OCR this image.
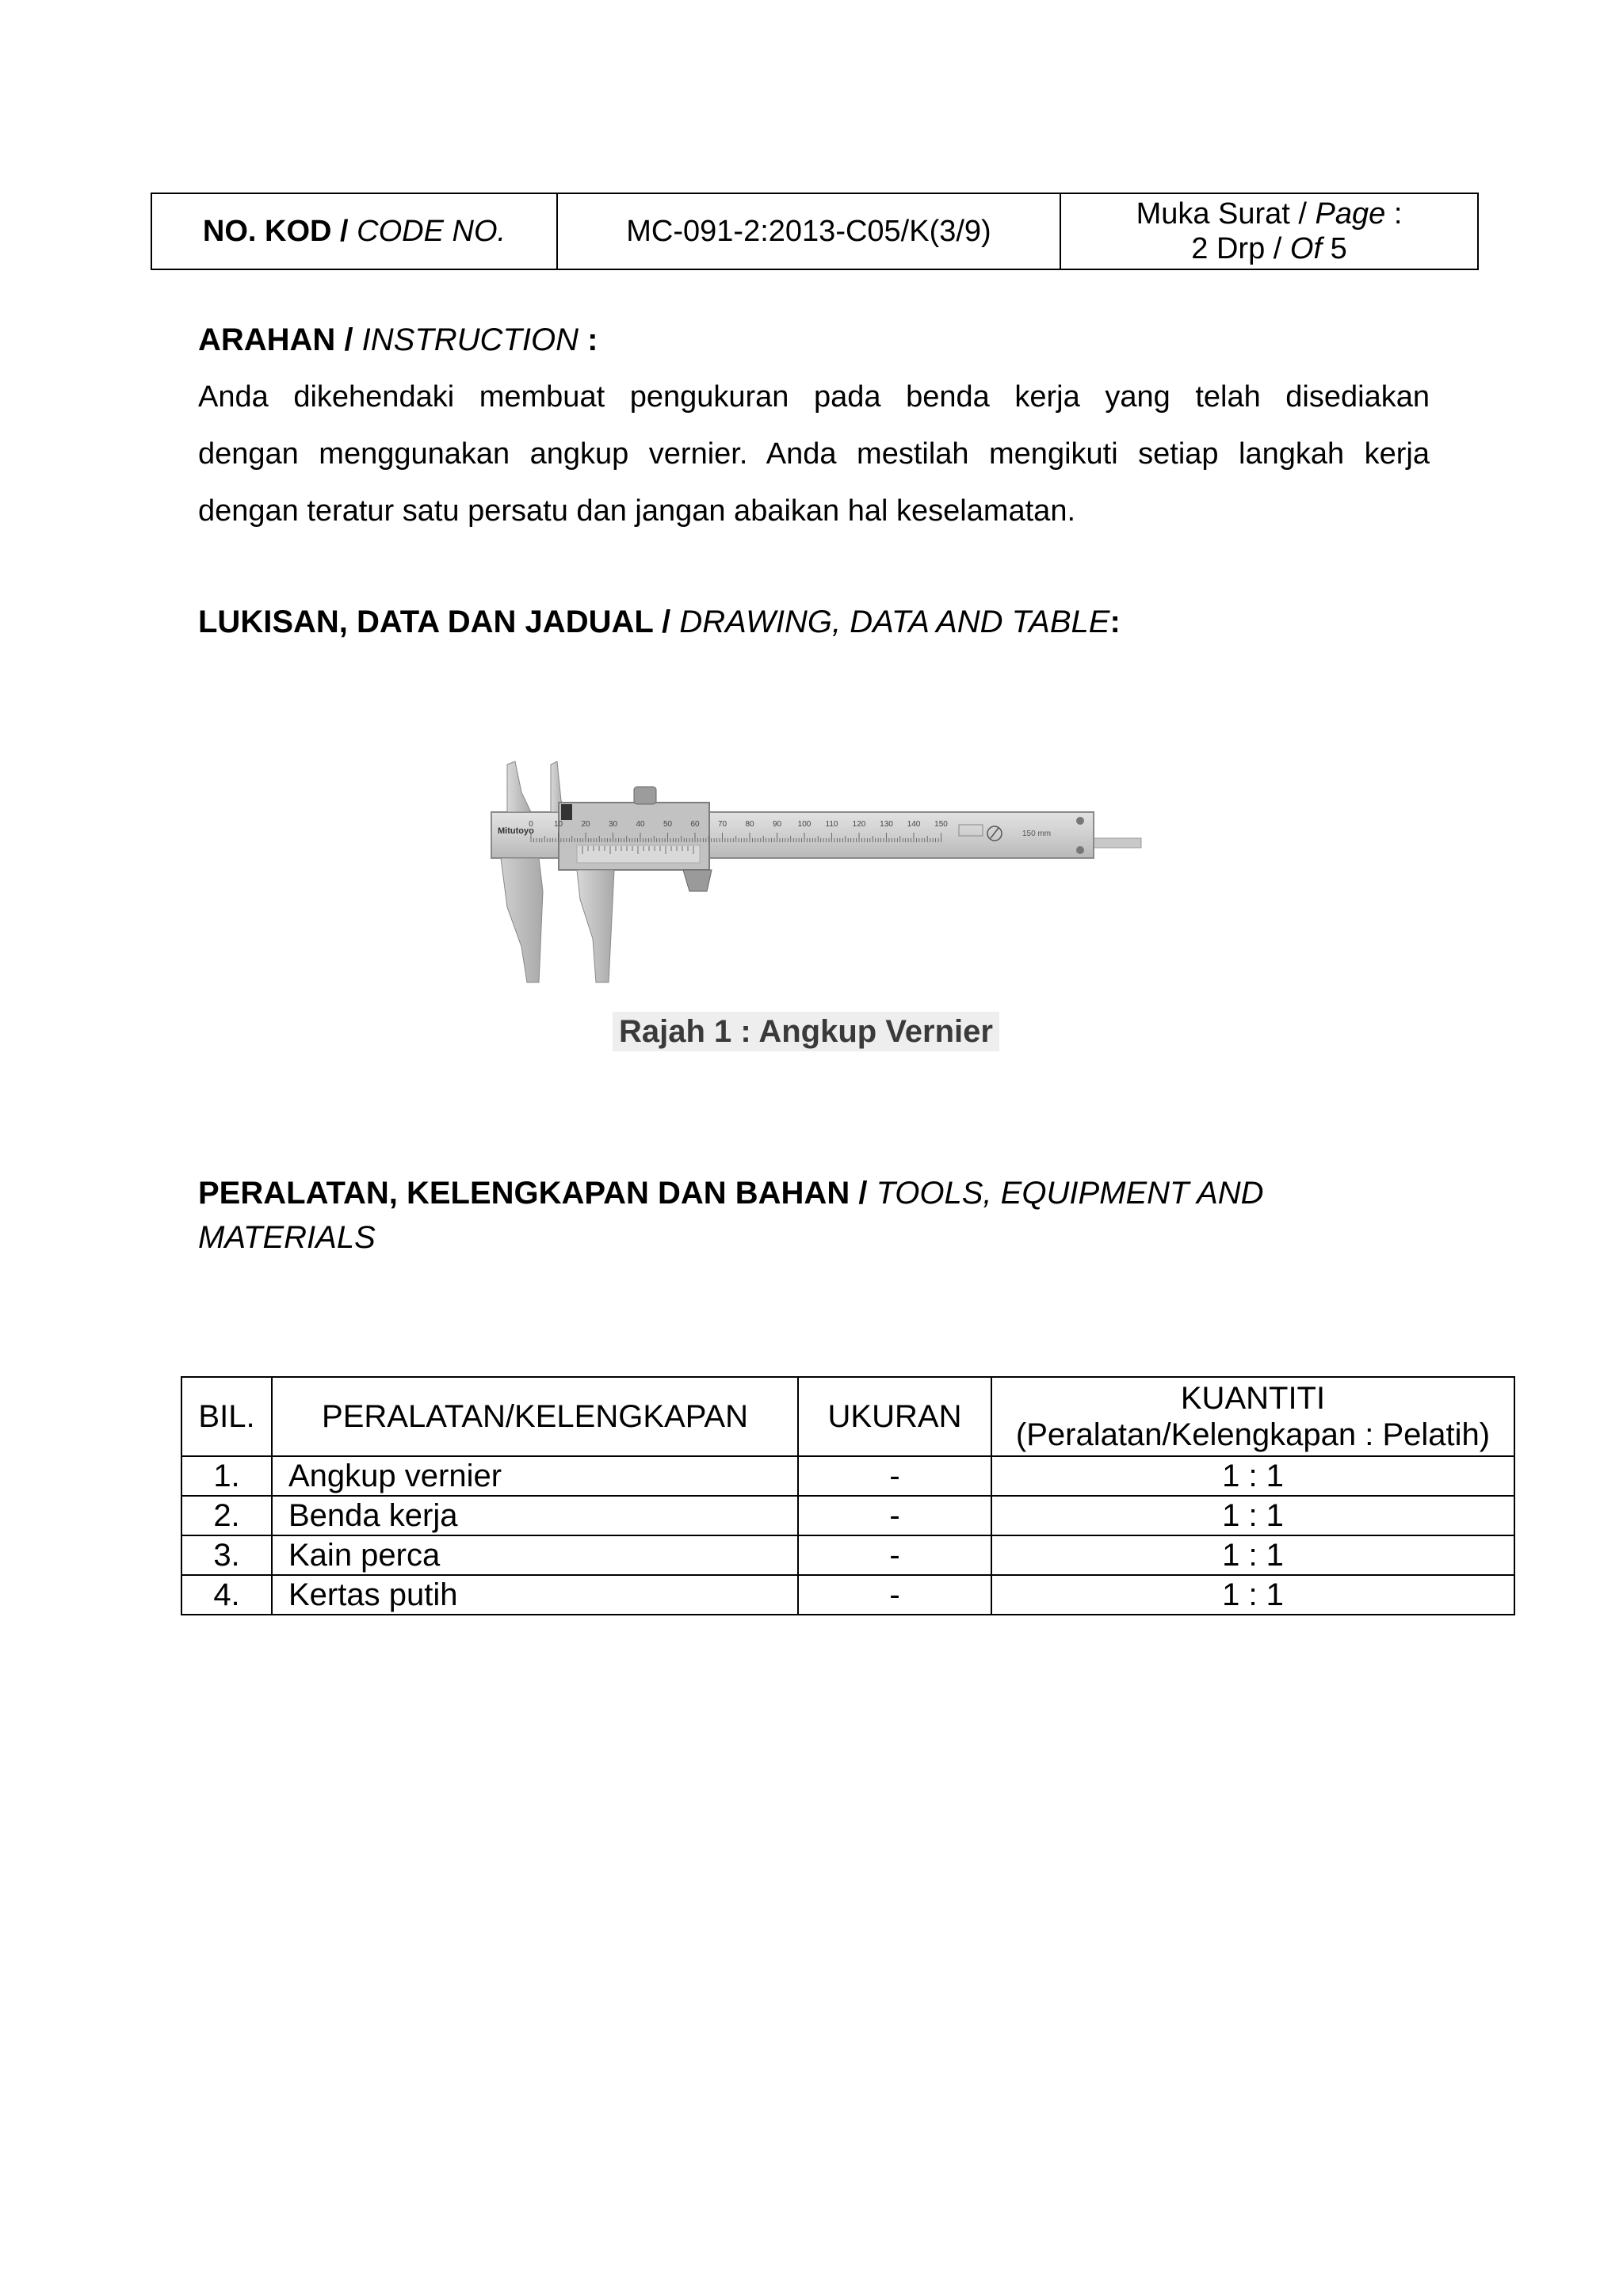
NO. KOD / CODE NO.	MC-091-2:2013-C05/K(3/9)
Muka Surat / Page :
2 Drp / Of 5
ARAHAN / INSTRUCTION :
Anda dikehendaki membuat pengukuran pada benda kerja yang telah disediakan
dengan menggunakan angkup vernier. Anda mestilah mengikuti setiap langkah kerja
dengan teratur satu persatu dan jangan abaikan hal keselamatan.
LUKISAN, DATA DAN JADUAL / DRAWING, DATA AND TABLE:
0	10 20 30 40 50 60 70 80 90 100 110 120 130 140 150
Mitutoyo	150 mm
Rajah 1 : Angkup Vernier
PERALATAN, KELENGKAPAN DAN BAHAN / TOOLS, EQUIPMENT AND
MATERIALS
BIL.	PERALATAN/KELENGKAPAN	UKURAN	KUANTITI
(Peralatan/Kelengkapan : Pelatih)

1.	Angkup vernier	-	1 : 1
2.	Benda kerja	-	1 : 1
3.	Kain perca	-	1 : 1
4.	Kertas putih	-	1 : 1
